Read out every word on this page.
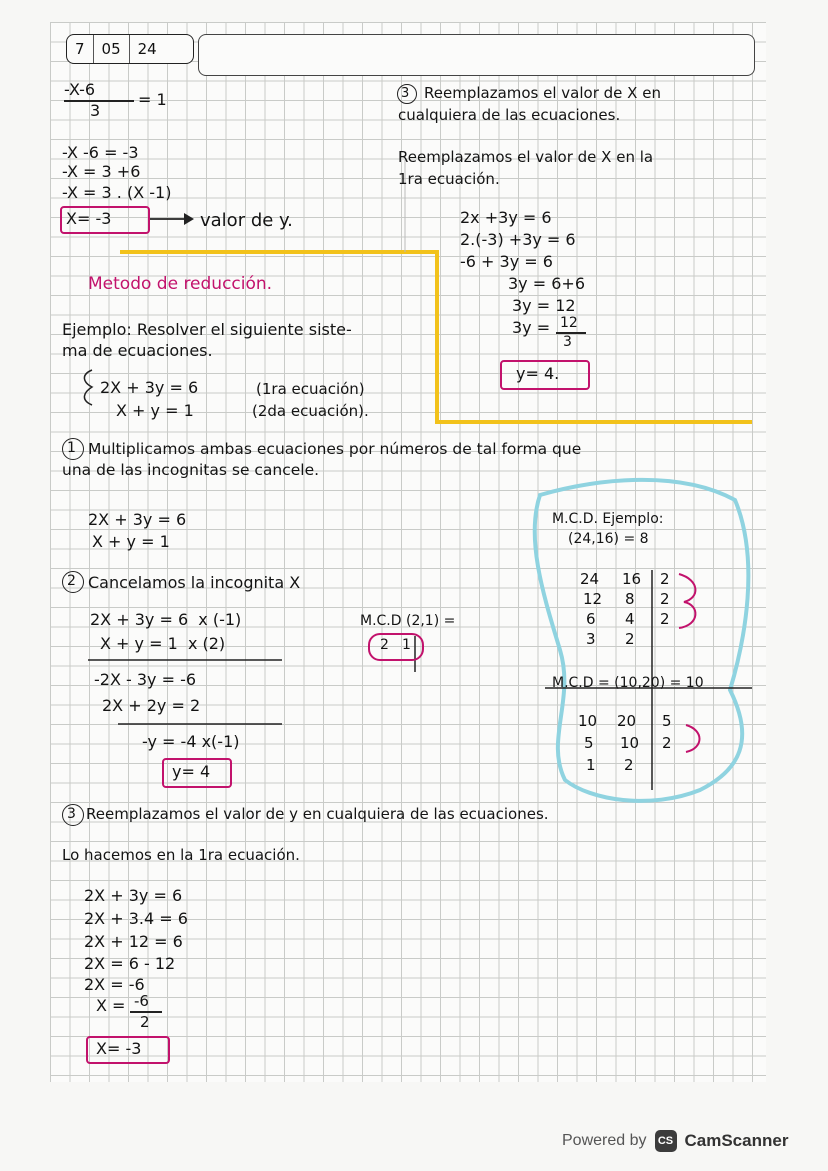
7	05	24
-X-6
3
= 1
-X -6 = -3
-X = 3 +6
-X = 3 . (X -1)
X= -3	valor de y.
3 Reemplazamos el valor de X en
cualquiera de las ecuaciones.
Reemplazamos el valor de X en la
1ra ecuación.
2x +3y = 6
2.(-3) +3y = 6
-6 + 3y = 6
3y = 6+6
3y = 12
3y = 12
3
y= 4.
Metodo de reducción.
Ejemplo: Resolver el siguiente siste-
ma de ecuaciones.
2X + 3y = 6
X + y = 1
(1ra ecuación)
(2da ecuación).
1 Multiplicamos ambas ecuaciones por números de tal forma que
una de las incognitas se cancele.
2X + 3y = 6
X + y = 1
2 Cancelamos la incognita X
2X + 3y = 6  x (-1)
X + y = 1  x (2)
-2X - 3y = -6
2X + 2y = 2
-y = -4 x(-1)
y= 4
M.C.D (2,1) =
2 1
M.C.D. Ejemplo:
(24,16) = 8
24 16 2
12 8 2
6 4 2
3 2
M.C.D = (10,20) = 10
10 20 5
5 10 2
1 2
3 Reemplazamos el valor de y en cualquiera de las ecuaciones.
Lo hacemos en la 1ra ecuación.
2X + 3y = 6
2X + 3.4 = 6
2X + 12 = 6
2X = 6 - 12
2X = -6
X = -6
2
X= -3
Powered by	CS CamScanner
